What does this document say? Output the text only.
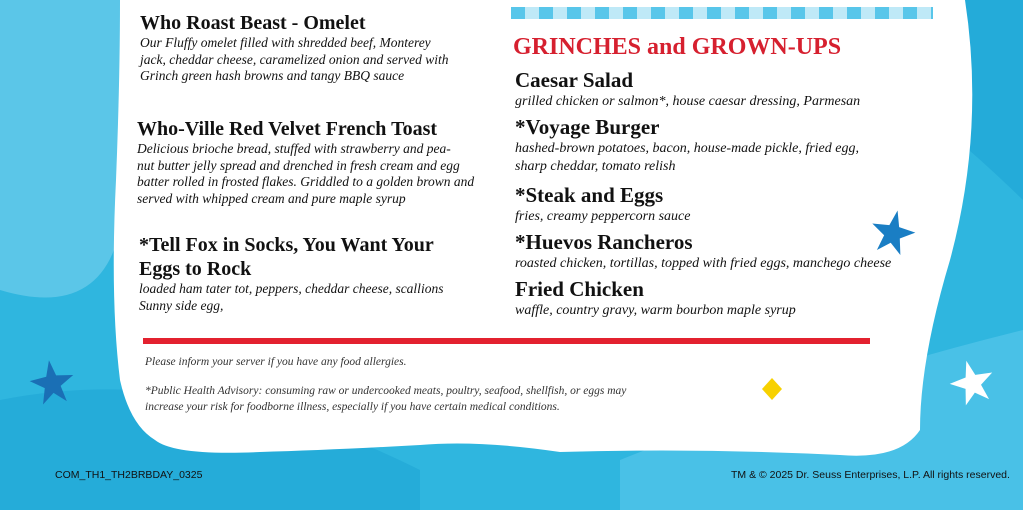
Who Roast Beast - Omelet

Our Fluffy omelet filled with shredded beef, Monterey

jack, cheddar cheese, caramelized onion and served with

Grinch green hash browns and tangy BBQ sauce

Who-Ville Red Velvet French Toast

Delicious brioche bread, stuffed with strawberry and pea-

nut butter jelly spread and drenched in fresh cream and egg

batter rolled in frosted flakes. Griddled to a golden brown and

served with whipped cream and pure maple syrup

*Tell Fox in Socks, You Want Your
Eggs to Rock

loaded ham tater tot, peppers, cheddar cheese, scallions

Sunny side egg,

GRINCHES and GROWN-UPS
Caesar Salad

grilled chicken or salmon*, house caesar dressing, Parmesan

*Voyage Burger

hashed-brown potatoes, bacon, house-made pickle, fried egg,

sharp cheddar, tomato relish

*Steak and Eggs

fries, creamy peppercorn sauce

*Huevos Rancheros

roasted chicken, tortillas, topped with fried eggs, manchego cheese

Fried Chicken

waffle, country gravy, warm bourbon maple syrup

Please inform your server if you have any food allergies.

*Public Health Advisory: consuming raw or undercooked meats, poultry, seafood, shellfish, or eggs may

increase your risk for foodborne illness, especially if you have certain medical conditions.

COM_TH1_TH2BRBDAY_0325	TM & © 2025 Dr. Seuss Enterprises, L.P. All rights reserved.
